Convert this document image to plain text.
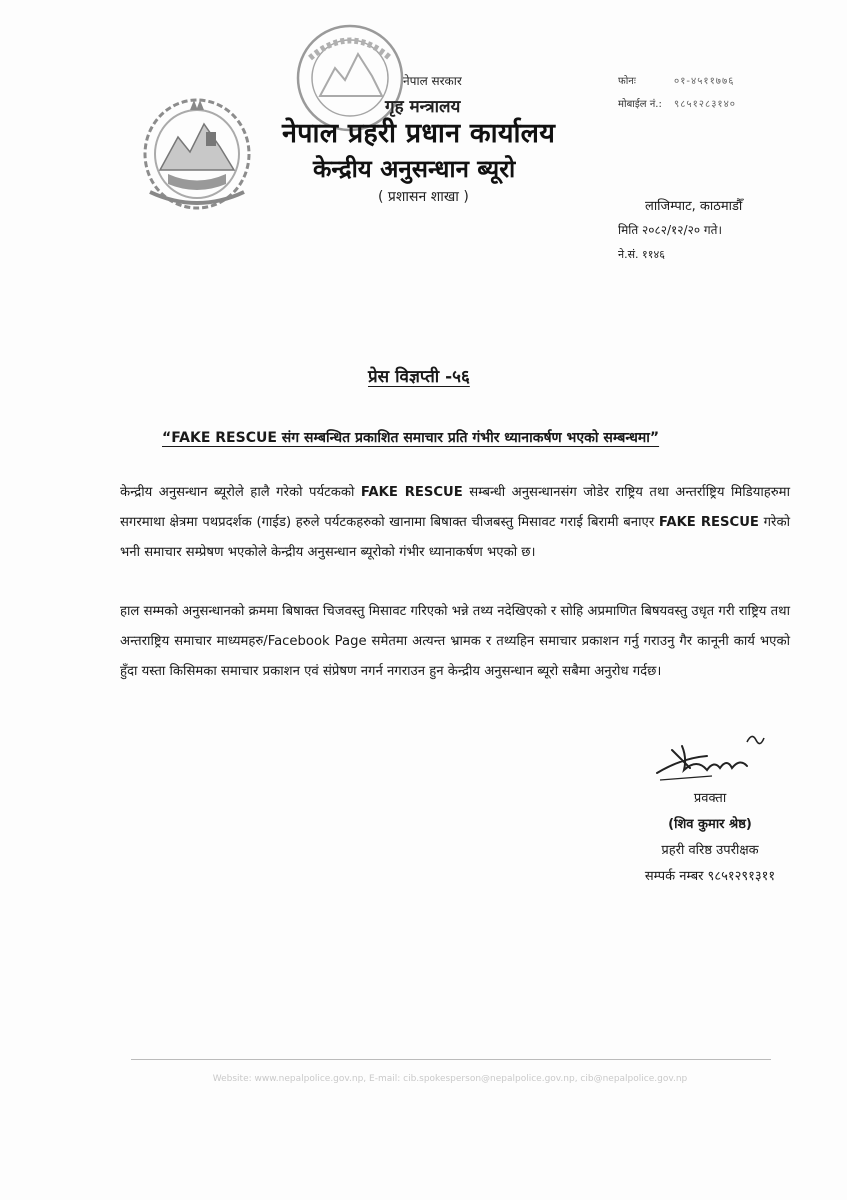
नेपाल सरकार
गृह मन्त्रालय
नेपाल प्रहरी प्रधान कार्यालय
केन्द्रीय अनुसन्धान ब्यूरो
( प्रशासन शाखा )
फोनः	०१-४५११७७६
मोबाईल नं.: ९८५१२८३१४०
लाजिम्पाट, काठमाडौँ
मिति २०८२/१२/२० गते।
ने.सं. ११४६
प्रेस विज्ञप्ती -५६
“FAKE RESCUE संग सम्बन्धित प्रकाशित समाचार प्रति गंभीर ध्यानाकर्षण भएको सम्बन्धमा”
केन्द्रीय अनुसन्धान ब्यूरोले हालै गरेको पर्यटकको FAKE RESCUE सम्बन्धी अनुसन्धानसंग जोडेर राष्ट्रिय तथा अन्तर्राष्ट्रिय मिडियाहरुमा सगरमाथा क्षेत्रमा पथप्रदर्शक (गाईड) हरुले पर्यटकहरुको खानामा बिषाक्त चीजबस्तु मिसावट गराई बिरामी बनाएर FAKE RESCUE गरेको भनी समाचार सम्प्रेषण भएकोले केन्द्रीय अनुसन्धान ब्यूरोको गंभीर ध्यानाकर्षण भएको छ।
हाल सम्मको अनुसन्धानको क्रममा बिषाक्त चिजवस्तु मिसावट गरिएको भन्ने तथ्य नदेखिएको र सोहि अप्रमाणित बिषयवस्तु उधृत गरी राष्ट्रिय तथा अन्तराष्ट्रिय समाचार माध्यमहरु/Facebook Page समेतमा अत्यन्त भ्रामक र तथ्यहिन समाचार प्रकाशन गर्नु गराउनु गैर कानूनी कार्य भएको हुँदा यस्ता किसिमका समाचार प्रकाशन एवं संप्रेषण नगर्न नगराउन हुन केन्द्रीय अनुसन्धान ब्यूरो सबैमा अनुरोध गर्दछ।
प्रवक्ता
(शिव कुमार श्रेष्ठ)
प्रहरी वरिष्ठ उपरीक्षक
सम्पर्क नम्बर ९८५१२९१३११
Website: www.nepalpolice.gov.np, E-mail: cib.spokesperson@nepalpolice.gov.np, cib@nepalpolice.gov.np
